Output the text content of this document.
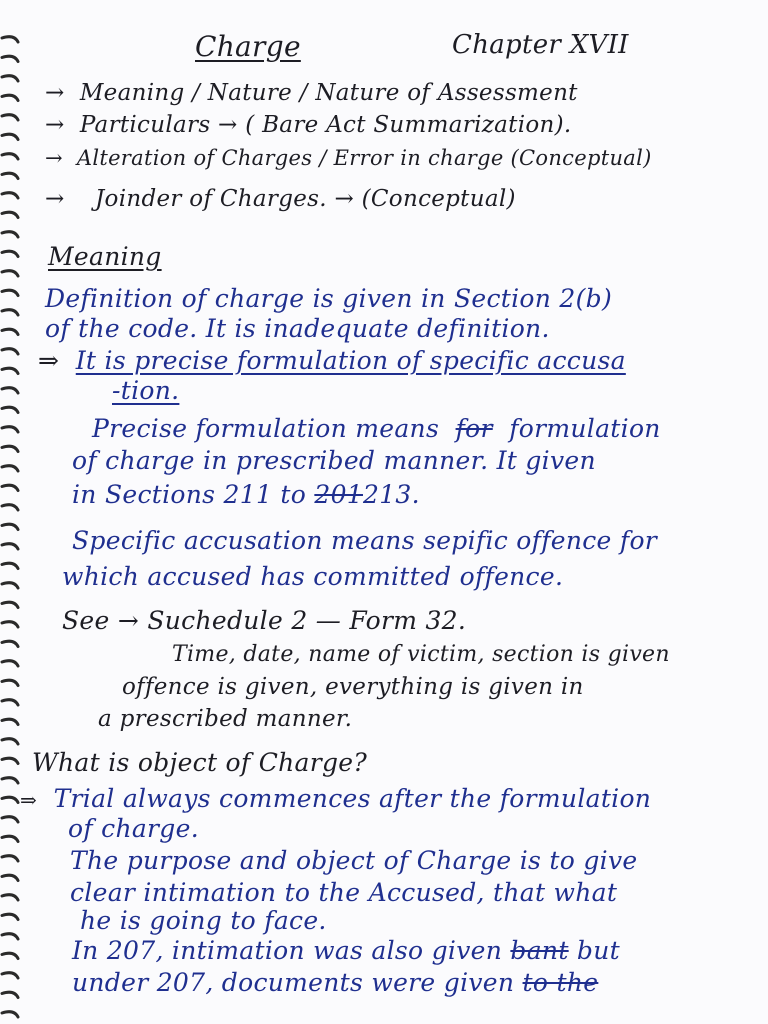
Charge	Chapter XVII
→ Meaning / Nature / Nature of Assessment
→ Particulars → ( Bare Act Summarization).
→ Alteration of Charges / Error in charge (Conceptual)
→ Joinder of Charges. → (Conceptual)
Meaning
Definition of charge is given in Section 2(b)
of the code. It is inadequate definition.
⇒ It is precise formulation of specific accusa
-tion.
Precise formulation means for formulation
of charge in prescribed manner. It given
in Sections 211 to 201213.
Specific accusation means sepific offence for
which accused has committed offence.
See → Suchedule 2 — Form 32.
Time, date, name of victim, section is given
offence is given, everything is given in
a prescribed manner.
What is object of Charge?
⇒ Trial always commences after the formulation
of charge.
The purpose and object of Charge is to give
clear intimation to the Accused, that what
he is going to face.
In 207, intimation was also given bant but
under 207, documents were given to the
